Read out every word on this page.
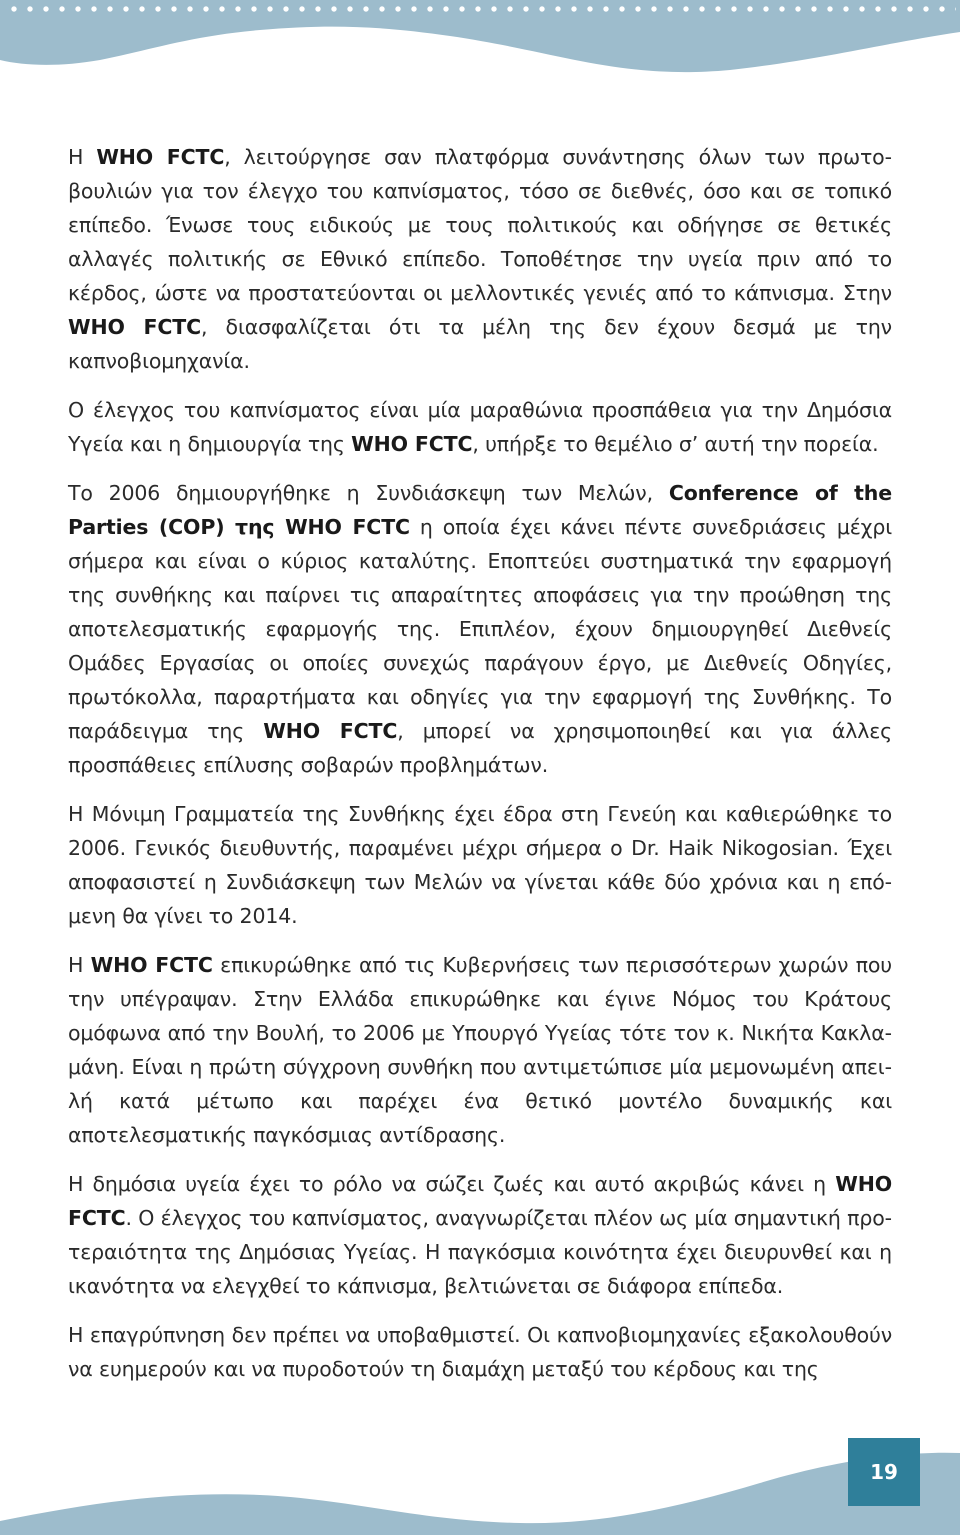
Η WHO FCTC, λειτούργησε σαν πλατφόρμα συνάντησης όλων των πρωτοβουλιών για τον έλεγχο του καπνίσματος, τόσο σε διεθνές, όσο και σε τοπικό επίπεδο. Ένωσε τους ειδικούς με τους πολιτικούς και οδήγησε σε θετικές αλλαγές πολιτικής σε Εθνικό επίπεδο. Τοποθέτησε την υγεία πριν από το κέρδος, ώστε να προστατεύονται οι μελλοντικές γενιές από το κάπνισμα. Στην WHO FCTC, διασφαλίζεται ότι τα μέλη της δεν έχουν δεσμά με την καπνοβιομηχανία.

Ο έλεγχος του καπνίσματος είναι μία μαραθώνια προσπάθεια για την Δημόσια Υγεία και η δημιουργία της WHO FCTC, υπήρξε το θεμέλιο σ’ αυτή την πορεία.

Το 2006 δημιουργήθηκε η Συνδιάσκεψη των Μελών, Conference of the Parties (COP) της WHO FCTC η οποία έχει κάνει πέντε συνεδριάσεις μέχρι σήμερα και είναι ο κύριος καταλύτης. Εποπτεύει συστηματικά την εφαρμογή της συνθήκης και παίρνει τις απαραίτητες αποφάσεις για την προώθηση της αποτελεσματικής εφαρμογής της. Επιπλέον, έχουν δημιουργηθεί Διεθνείς Ομάδες Εργασίας οι οποίες συνεχώς παράγουν έργο, με Διεθνείς Οδηγίες, πρωτόκολλα, παραρτήματα και οδηγίες για την εφαρμογή της Συνθήκης. Το παράδειγμα της WHO FCTC, μπορεί να χρησιμοποιηθεί και για άλλες προσπάθειες επίλυσης σοβαρών προβλημάτων.

Η Μόνιμη Γραμματεία της Συνθήκης έχει έδρα στη Γενεύη και καθιερώθηκε το 2006. Γενικός διευθυντής, παραμένει μέχρι σήμερα ο Dr. Haik Nikogosian. Έχει αποφασιστεί η Συνδιάσκεψη των Μελών να γίνεται κάθε δύο χρόνια και η επόμενη θα γίνει το 2014.

Η WHO FCTC επικυρώθηκε από τις Κυβερνήσεις των περισσότερων χωρών που την υπέγραψαν. Στην Ελλάδα επικυρώθηκε και έγινε Νόμος του Κράτους ομόφωνα από την Βουλή, το 2006 με Υπουργό Υγείας τότε τον κ. Νικήτα Κακλαμάνη. Είναι η πρώτη σύγχρονη συνθήκη που αντιμετώπισε μία μεμονωμένη απειλή κατά μέτωπο και παρέχει ένα θετικό μοντέλο δυναμικής και αποτελεσματικής παγκόσμιας αντίδρασης.

Η δημόσια υγεία έχει το ρόλο να σώζει ζωές και αυτό ακριβώς κάνει η WHO FCTC. Ο έλεγχος του καπνίσματος, αναγνωρίζεται πλέον ως μία σημαντική προτεραιότητα της Δημόσιας Υγείας. Η παγκόσμια κοινότητα έχει διευρυνθεί και η ικανότητα να ελεγχθεί το κάπνισμα, βελτιώνεται σε διάφορα επίπεδα.

Η επαγρύπνηση δεν πρέπει να υποβαθμιστεί. Οι καπνοβιομηχανίες εξακολουθούν να ευημερούν και να πυροδοτούν τη διαμάχη μεταξύ του κέρδους και της

19
